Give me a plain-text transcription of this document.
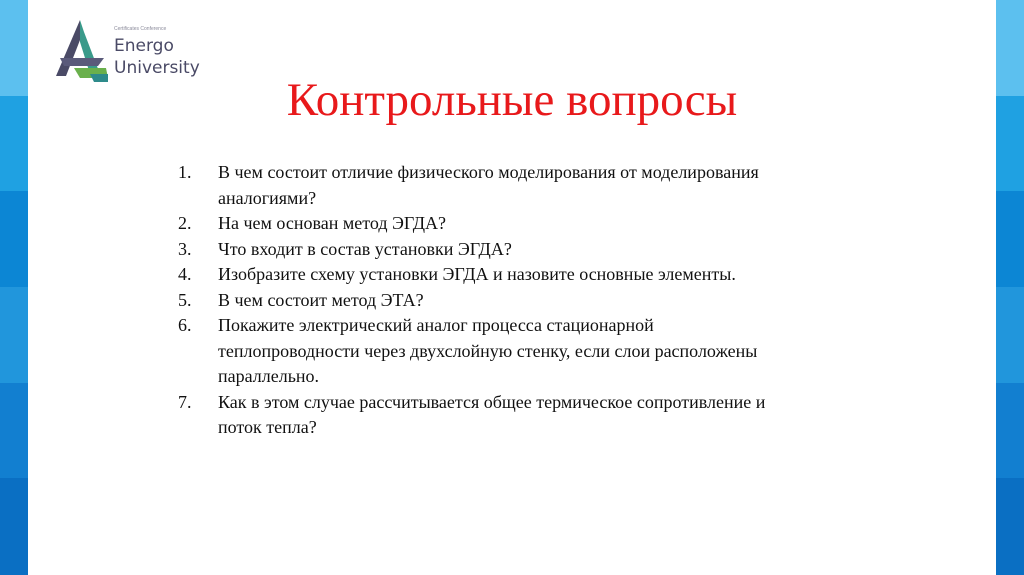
Certificates Conference
Energo
University
Контрольные вопросы
1. В чем состоит отличие физического моделирования от моделирования аналогиями?
2. На чем основан метод ЭГДА?
3. Что входит в состав установки ЭГДА?
4. Изобразите схему установки ЭГДА и назовите основные элементы.
5. В чем состоит метод ЭТА?
6. Покажите электрический аналог процесса стационарной теплопроводности через двухслойную стенку, если слои расположены параллельно.
7. Как в этом случае рассчитывается общее термическое сопротивление и поток тепла?
